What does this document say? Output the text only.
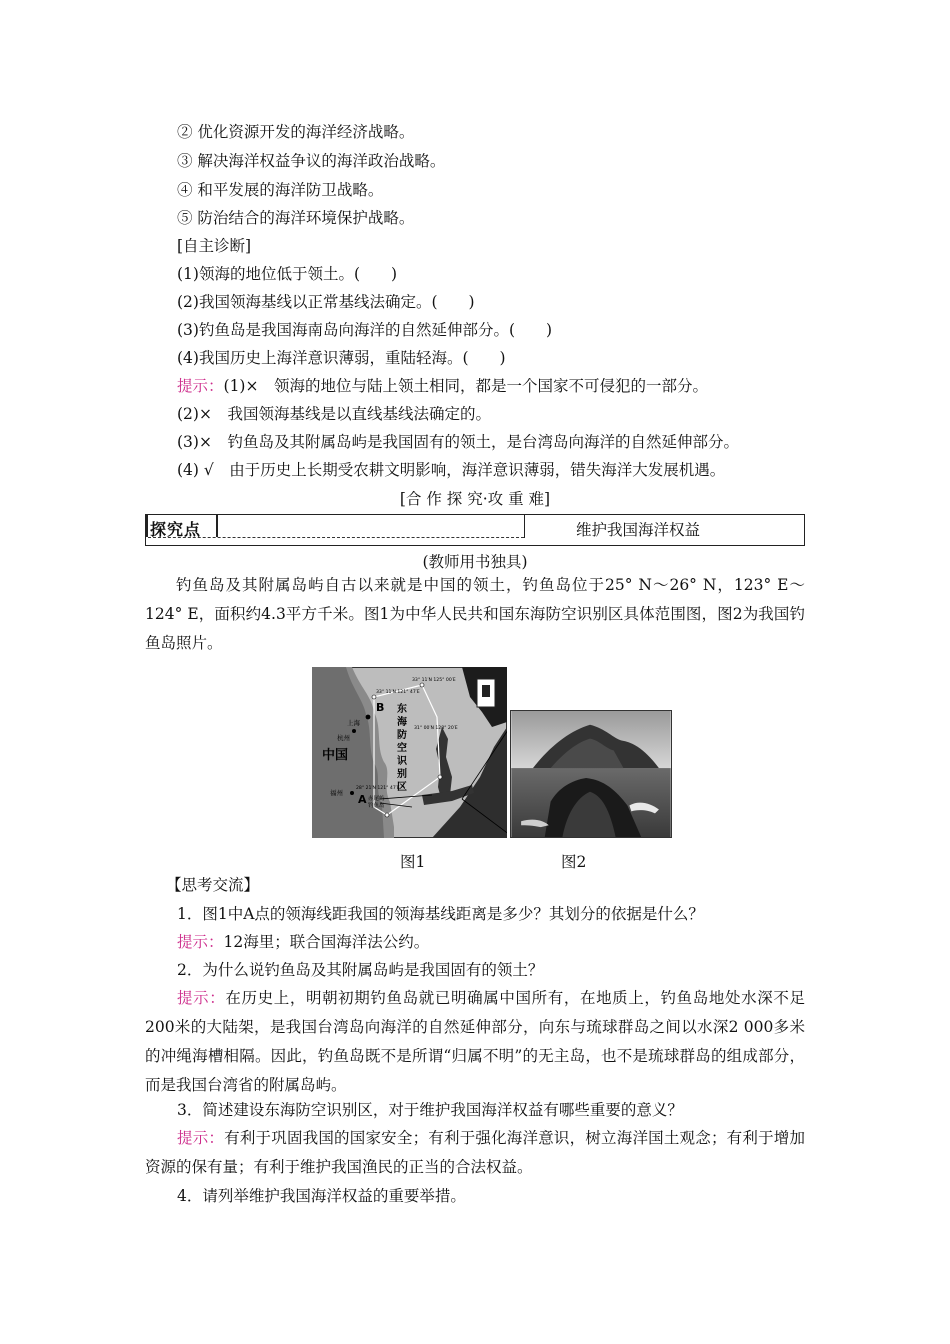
② 优化资源开发的海洋经济战略。
③ 解决海洋权益争议的海洋政治战略。
④ 和平发展的海洋防卫战略。
⑤ 防治结合的海洋环境保护战略。
[自主诊断]
(1)领海的地位低于领土。(　　)
(2)我国领海基线以正常基线法确定。(　　)
(3)钓鱼岛是我国海南岛向海洋的自然延伸部分。(　　)
(4)我国历史上海洋意识薄弱，重陆轻海。(　　)
提示：(1)×　领海的地位与陆上领土相同，都是一个国家不可侵犯的一部分。
(2)×　我国领海基线是以直线基线法确定的。
(3)×　钓鱼岛及其附属岛屿是我国固有的领土，是台湾岛向海洋的自然延伸部分。
(4) √　由于历史上长期受农耕文明影响，海洋意识薄弱，错失海洋大发展机遇。
[合 作 探 究·攻 重 难]
探究点	维护我国海洋权益
(教师用书独具)
钓鱼岛及其附属岛屿自古以来就是中国的领土，钓鱼岛位于25° N～26° N，123° E～124° E，面积约4.3平方千米。图1为中华人民共和国东海防空识别区具体范围图，图2为我国钓鱼岛照片。
33° 11′N 121° 47′E
33° 11′N 125° 00′E
31° 00′N 128° 20′E
28° 21′N 121° 47′E
B
A
上海
杭州
中国
福州
东
海
防
空
识
别
区
赤尾屿
钓鱼岛
图1	图2
【思考交流】
1．图1中A点的领海线距我国的领海基线距离是多少？其划分的依据是什么？
提示：12海里；联合国海洋法公约。
2．为什么说钓鱼岛及其附属岛屿是我国固有的领土？
提示：在历史上，明朝初期钓鱼岛就已明确属中国所有，在地质上，钓鱼岛地处水深不足200米的大陆架，是我国台湾岛向海洋的自然延伸部分，向东与琉球群岛之间以水深2 000多米的冲绳海槽相隔。因此，钓鱼岛既不是所谓“归属不明”的无主岛，也不是琉球群岛的组成部分，而是我国台湾省的附属岛屿。
3．简述建设东海防空识别区，对于维护我国海洋权益有哪些重要的意义？
提示：有利于巩固我国的国家安全；有利于强化海洋意识，树立海洋国土观念；有利于增加资源的保有量；有利于维护我国渔民的正当的合法权益。
4．请列举维护我国海洋权益的重要举措。
